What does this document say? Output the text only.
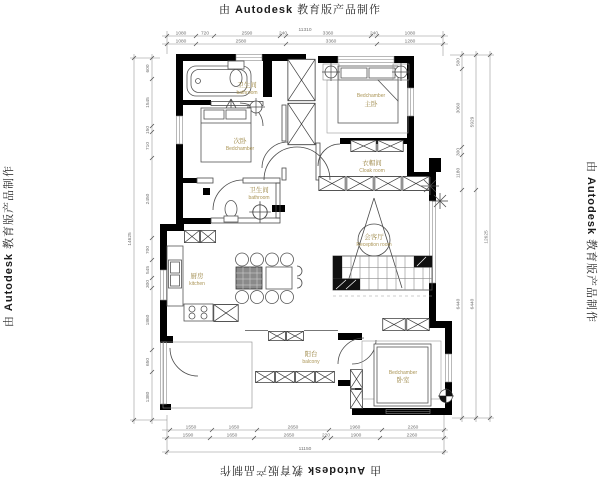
由 Autodesk 教育版产品制作
由Autodesk教育版产品制作
由Autodesk教育版产品制作	由Autodesk教育版产品制作
卫生间
bathroom
次卧
Bedchamber
Bedchamber
主卧
衣帽间
Cloak room
卫生间
bathroom
厨房
kitchen
会客厅
Reception room
阳台
balcony
Bedchamber
卧室
11310
1080	720	2590	240	3360	240	1080
1080	2580	3360	1280
1550	1650	2650	1960	2260
1590	1650	2650	220	1900	2260
11150
600
1545
150
710
2450
700
545
300
1860
650
1380
14625
500
3060
300
1180
6440
5929
6440
12625
